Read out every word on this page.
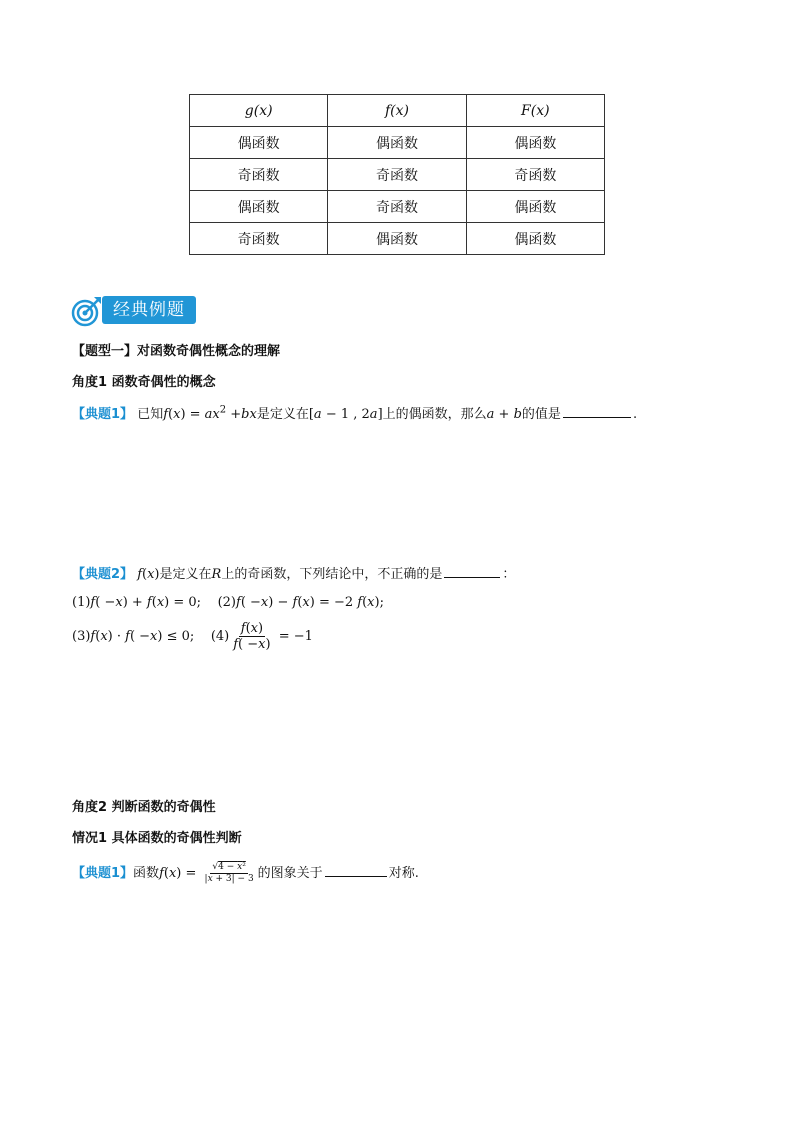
g(x)	f(x)	F(x)
偶函数	偶函数	偶函数
奇函数	奇函数	奇函数
偶函数	奇函数	偶函数
奇函数	偶函数	偶函数
经典例题
【题型一】对函数奇偶性概念的理解
角度1 函数奇偶性的概念
【典题1】 已知$f(x) = ax^2 +bx$是定义在[a − 1 , 2a]上的偶函数，那么a + b的值是	.
【典题2】 f(x)是定义在R上的奇函数，下列结论中，不正确的是	：
(1)f( −x) + f(x) = 0;    (2)f( −x) − f(x) = −2 f(x);
(3)f(x) · f( −x) ≤ 0;    $(4) \frac{f(x)}{f( -x)} = -1$
角度2 判断函数的奇偶性
情况1 具体函数的奇偶性判断
【典题1】函数$f(x) = \frac{\text{√4 − x²}}{|x + 3| - 3}$ 的图象关于	对称.
